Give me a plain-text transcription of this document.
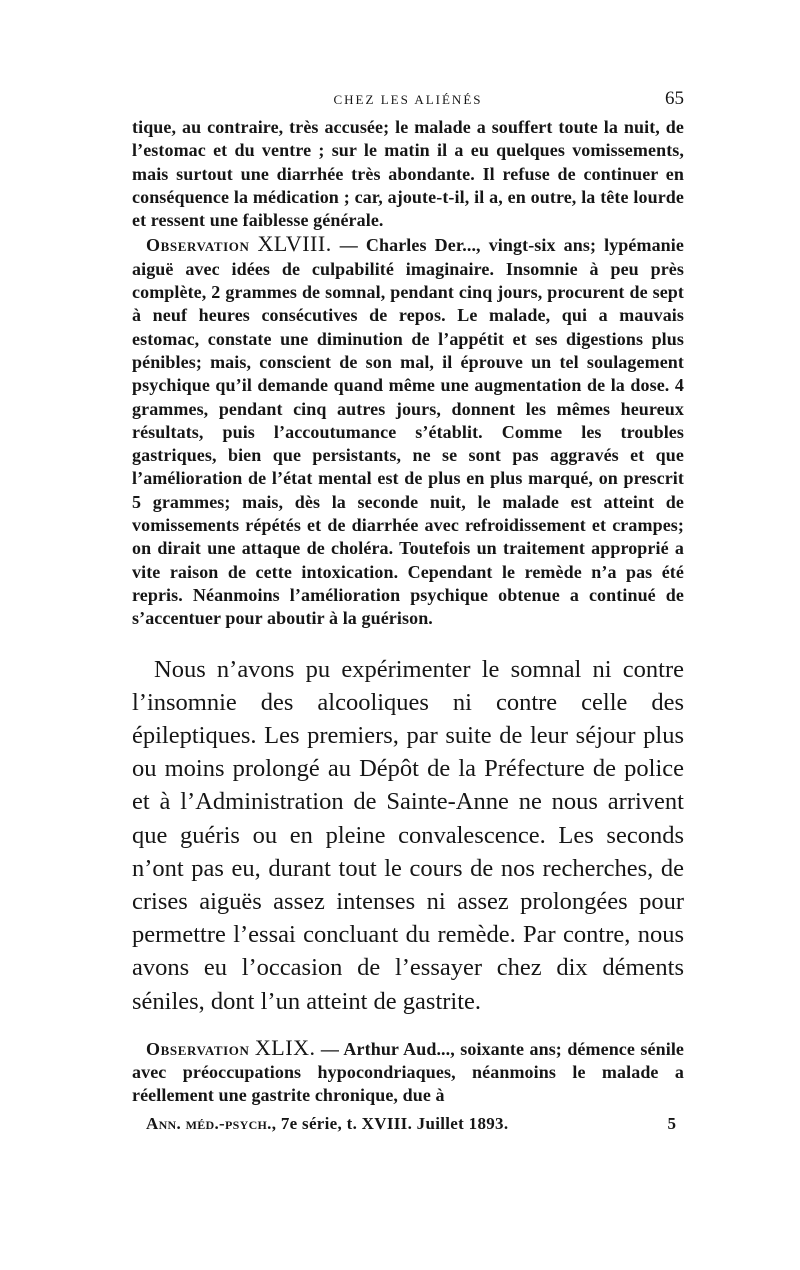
CHEZ LES ALIÉNÉS	65

tique, au contraire, très accusée; le malade a souffert toute la nuit, de l’estomac et du ventre ; sur le matin il a eu quelques vomissements, mais surtout une diarrhée très abondante. Il refuse de continuer en conséquence la médication ; car, ajoute-t-il, il a, en outre, la tête lourde et ressent une faiblesse générale.

Observation XLVIII. — Charles Der..., vingt-six ans; lypémanie aiguë avec idées de culpabilité imaginaire. Insomnie à peu près complète, 2 grammes de somnal, pendant cinq jours, procurent de sept à neuf heures consécutives de repos. Le malade, qui a mauvais estomac, constate une diminution de l’appétit et ses digestions plus pénibles; mais, conscient de son mal, il éprouve un tel soulagement psychique qu’il demande quand même une augmentation de la dose. 4 grammes, pendant cinq autres jours, donnent les mêmes heureux résultats, puis l’accoutumance s’établit. Comme les troubles gastriques, bien que persistants, ne se sont pas aggravés et que l’amélioration de l’état mental est de plus en plus marqué, on prescrit 5 grammes; mais, dès la seconde nuit, le malade est atteint de vomissements répétés et de diarrhée avec refroidissement et crampes; on dirait une attaque de choléra. Toutefois un traitement approprié a vite raison de cette intoxication. Cependant le remède n’a pas été repris. Néanmoins l’amélioration psychique obtenue a continué de s’accentuer pour aboutir à la guérison.

Nous n’avons pu expérimenter le somnal ni contre l’insomnie des alcooliques ni contre celle des épileptiques. Les premiers, par suite de leur séjour plus ou moins prolongé au Dépôt de la Préfecture de police et à l’Administration de Sainte-Anne ne nous arrivent que guéris ou en pleine convalescence. Les seconds n’ont pas eu, durant tout le cours de nos recherches, de crises aiguës assez intenses ni assez prolongées pour permettre l’essai concluant du remède. Par contre, nous avons eu l’occasion de l’essayer chez dix déments séniles, dont l’un atteint de gastrite.

Observation XLIX. — Arthur Aud..., soixante ans; démence sénile avec préoccupations hypocondriaques, néanmoins le malade a réellement une gastrite chronique, due à

Ann. méd.-psych., 7e série, t. XVIII. Juillet 1893.	5
